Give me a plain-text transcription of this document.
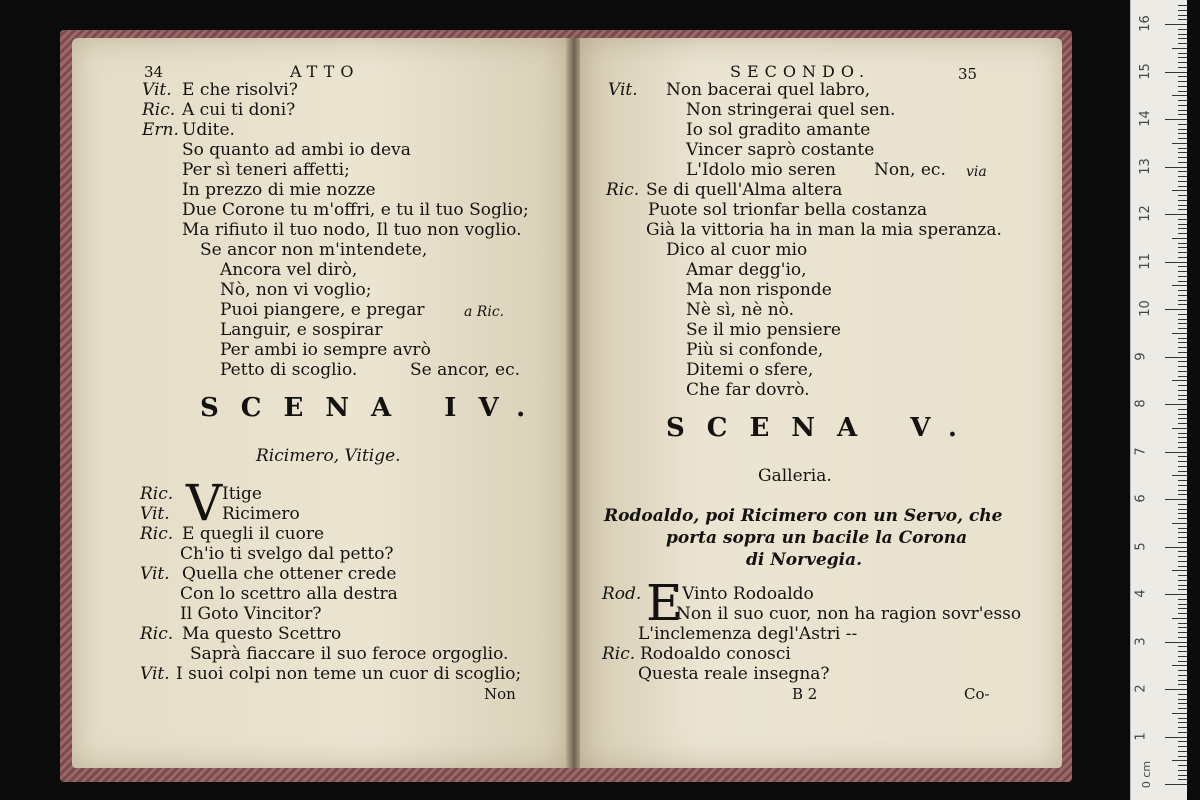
34	ATTO
Vit. E che risolvi?
Ric. A cui ti doni?
Ern. Udite.
So quanto ad ambi io deva
Per sì teneri affetti;
In prezzo di mie nozze
Due Corone tu m'offri, e tu il tuo Soglio;
Ma rifiuto il tuo nodo, Il tuo non voglio.
Se ancor non m'intendete,
Ancora vel dirò,
Nò, non vi voglio;
Puoi piangere, e pregar	a Ric.
Languir, e sospirar
Per ambi io sempre avrò
Petto di scoglio.	Se ancor, ec.
SCENA IV.
Ricimero, Vitige.
Ric. V Itige
Vit.	Ricimero
Ric. E quegli il cuore
Ch'io ti svelgo dal petto?
Vit. Quella che ottener crede
Con lo scettro alla destra
Il Goto Vincitor?
Ric. Ma questo Scettro
Saprà fiaccare il suo feroce orgoglio.
Vit. I suoi colpi non teme un cuor di scoglio;
Non
SECONDO.	35
Vit. Non bacerai quel labro,
Non stringerai quel sen.
Io sol gradito amante
Vincer saprò costante
L'Idolo mio seren Non, ec. via
Ric. Se di quell'Alma altera
Puote sol trionfar bella costanza
Già la vittoria ha in man la mia speranza.
Dico al cuor mio
Amar degg'io,
Ma non risponde
Nè sì, nè nò.
Se il mio pensiere
Più si confonde,
Ditemi o sfere,
Che far dovrò.
SCENA V.
Galleria.
Rodoaldo, poi Ricimero con un Servo, che
porta sopra un bacile la Corona
di Norvegia.
Rod. E
' Vinto Rodoaldo
Non il suo cuor, non ha ragion sovr'esso
L'inclemenza degl'Astri --
Ric. Rodoaldo conosci
Questa reale insegna?
B 2	Co-
0 cm
1
2
3
4
5
6
7
8
9
10
11
12
13
14
15
16
